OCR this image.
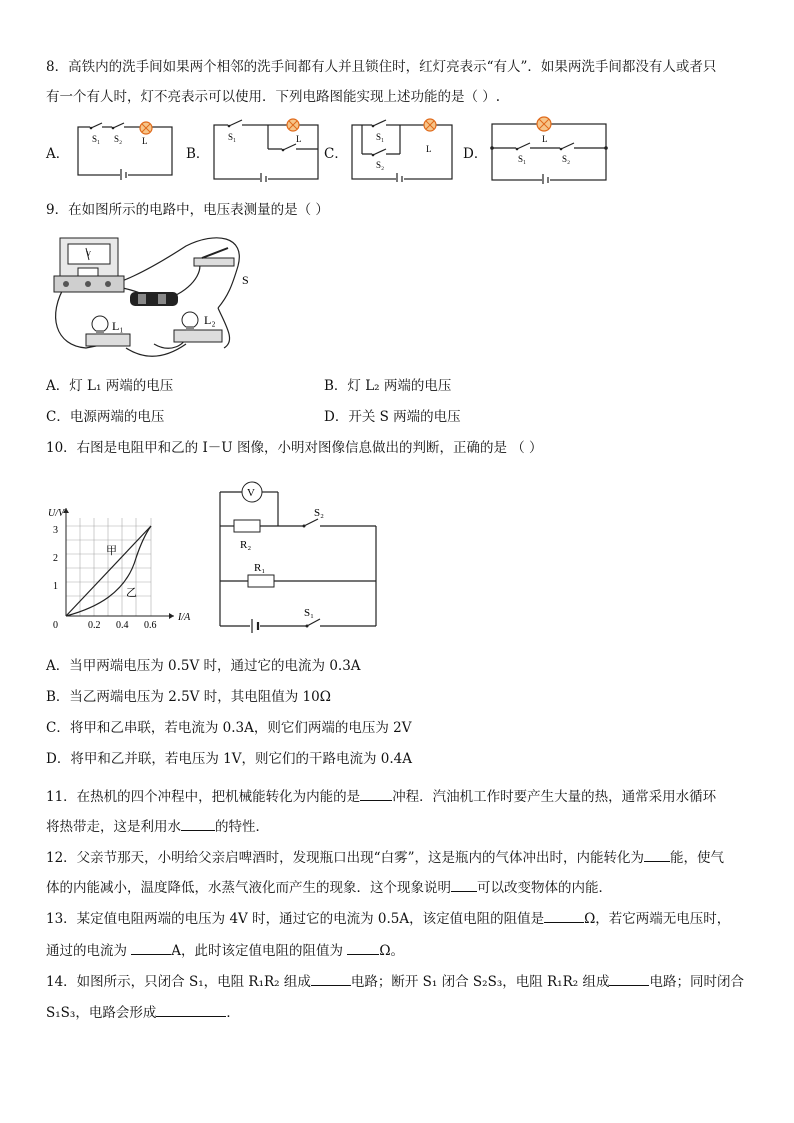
8．高铁内的洗手间如果两个相邻的洗手间都有人并且锁住时，红灯亮表示“有人”．如果两洗手间都没有人或者只
有一个有人时，灯不亮表示可以使用．下列电路图能实现上述功能的是（ ）.
A．
S₁ S₂ L
B．
S₁	L
C．
S₁
S₂
L D．
L
S₁	S₂
9．在如图所示的电路中，电压表测量的是（ ）
V
S
L₁	L₂
A．灯 L₁ 两端的电压	B．灯 L₂ 两端的电压
C．电源两端的电压	D．开关 S 两端的电压
10．右图是电阻甲和乙的 I－U 图像，小明对图像信息做出的判断，正确的是 （ ）
U/V
I/A
3
2
1
0	0.2 0.4 0.6
甲
乙
S₁
R₁
R₂
S₂
V
A．当甲两端电压为 0.5V 时，通过它的电流为 0.3A
B．当乙两端电压为 2.5V 时，其电阻值为 10Ω
C．将甲和乙串联，若电流为 0.3A，则它们两端的电压为 2V
D．将甲和乙并联，若电压为 1V，则它们的干路电流为 0.4A
11．在热机的四个冲程中，把机械能转化为内能的是 冲程．汽油机工作时要产生大量的热，通常采用水循环
将热带走，这是利用水	的特性．
12．父亲节那天，小明给父亲启啤酒时，发现瓶口出现“白雾”，这是瓶内的气体冲出时，内能转化为 能，使气
体的内能减小，温度降低，水蒸气液化而产生的现象．这个现象说明 可以改变物体的内能．
13．某定值电阻两端的电压为 4V 时，通过它的电流为 0.5A，该定值电阻的阻值是	Ω，若它两端无电压时，
通过的电流为	A，此时该定值电阻的阻值为 Ω。
14．如图所示，只闭合 S₁，电阻 R₁R₂ 组成	电路；断开 S₁ 闭合 S₂S₃，电阻 R₁R₂ 组成	电路；同时闭合
S₁S₃，电路会形成	．
